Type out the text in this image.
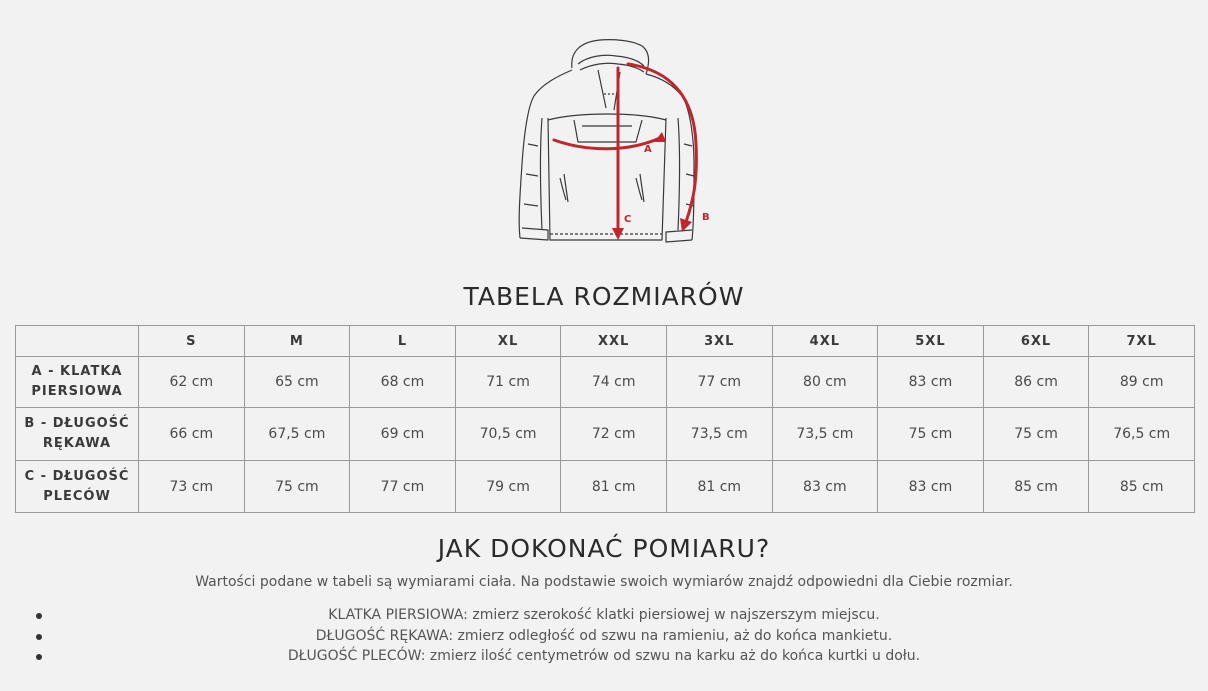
A
C	B
TABELA ROZMIARÓW
	S	M	L	XL	XXL	3XL	4XL	5XL	6XL	7XL
A - KLATKA PIERSIOWA	62 cm	65 cm	68 cm	71 cm	74 cm	77 cm	80 cm	83 cm	86 cm	89 cm
B - DŁUGOŚĆ RĘKAWA	66 cm	67,5 cm	69 cm	70,5 cm	72 cm	73,5 cm	73,5 cm	75 cm	75 cm	76,5 cm
C - DŁUGOŚĆ PLECÓW	73 cm	75 cm	77 cm	79 cm	81 cm	81 cm	83 cm	83 cm	85 cm	85 cm
JAK DOKONAĆ POMIARU?
Wartości podane w tabeli są wymiarami ciała. Na podstawie swoich wymiarów znajdź odpowiedni dla Ciebie rozmiar.
KLATKA PIERSIOWA: zmierz szerokość klatki piersiowej w najszerszym miejscu.
DŁUGOŚĆ RĘKAWA: zmierz odległość od szwu na ramieniu, aż do końca mankietu.
DŁUGOŚĆ PLECÓW: zmierz ilość centymetrów od szwu na karku aż do końca kurtki u dołu.
